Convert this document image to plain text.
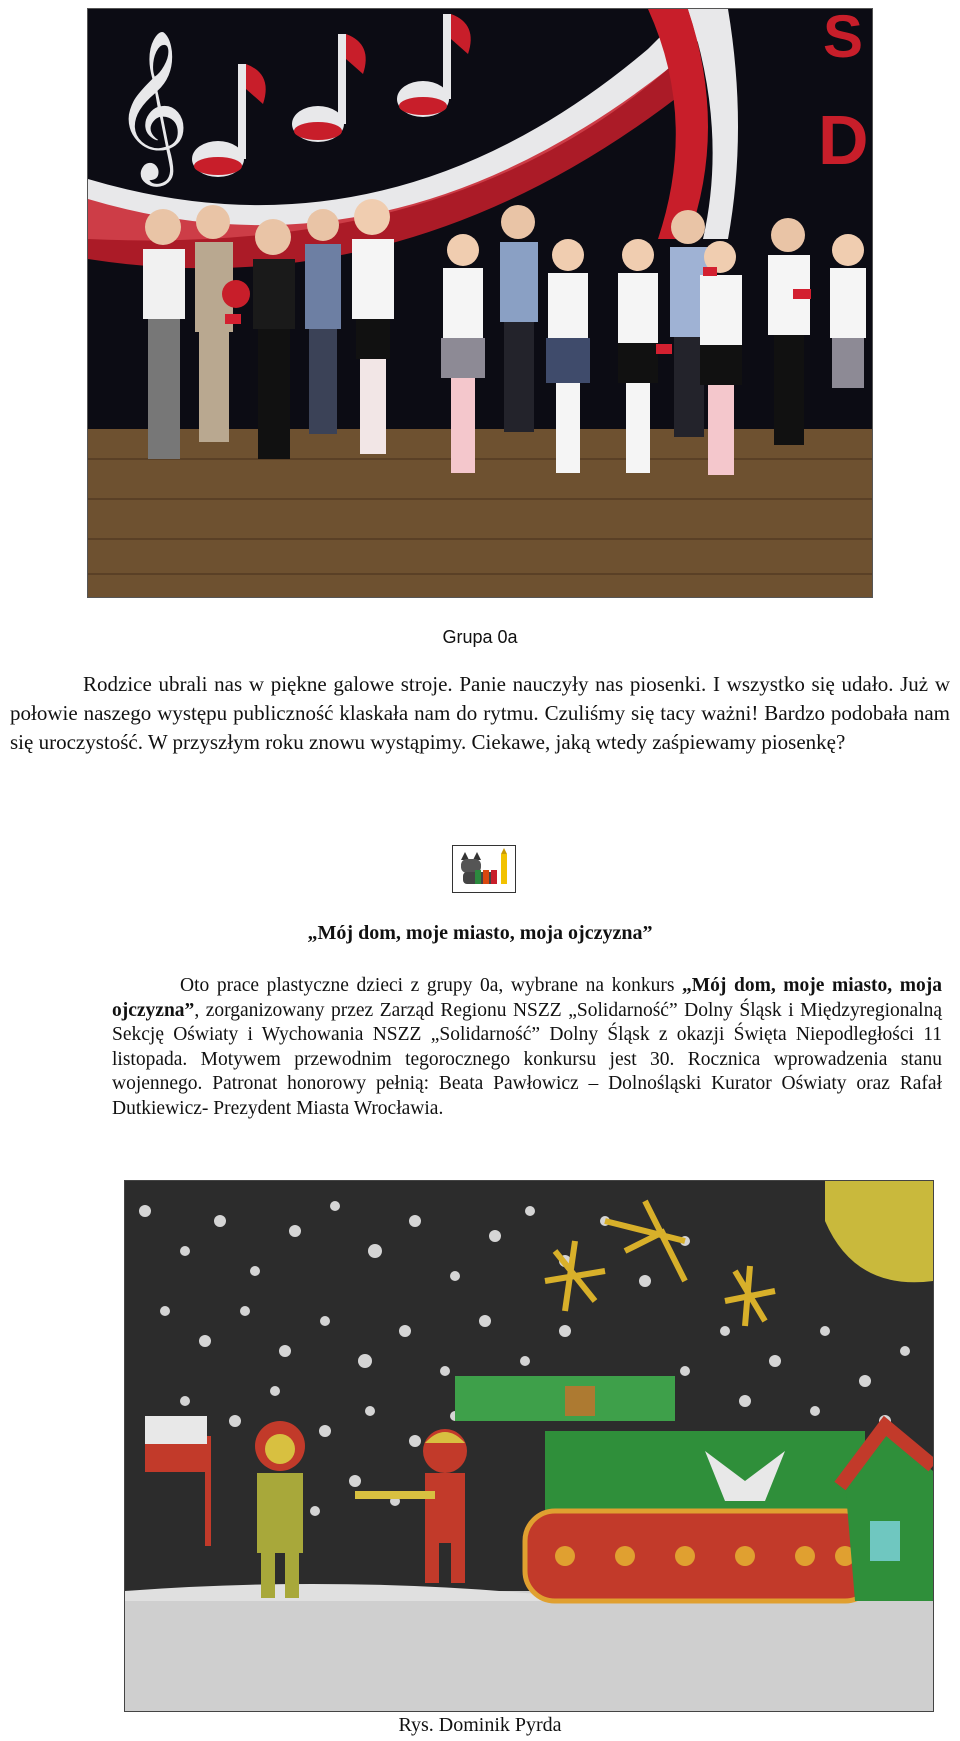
S
D
𝄞
Grupa 0a
Rodzice ubrali nas w piękne galowe stroje. Panie nauczyły nas piosenki. I wszystko się udało. Już w połowie naszego występu publiczność klaskała nam do rytmu. Czuliśmy się tacy ważni! Bardzo podobała nam się uroczystość. W przyszłym roku znowu wystąpimy. Ciekawe, jaką wtedy zaśpiewamy piosenkę?
„Mój dom, moje miasto, moja ojczyzna”
Oto prace plastyczne dzieci z grupy 0a, wybrane na konkurs „Mój dom, moje miasto, moja ojczyzna”, zorganizowany przez Zarząd Regionu NSZZ „Solidarność” Dolny Śląsk i Międzyregionalną Sekcję Oświaty i Wychowania NSZZ „Solidarność” Dolny Śląsk z okazji Święta Niepodległości 11 listopada. Motywem przewodnim tegorocznego konkursu jest 30. Rocznica wprowadzenia stanu wojennego. Patronat honorowy pełnią: Beata Pawłowicz – Dolnośląski Kurator Oświaty oraz Rafał Dutkiewicz- Prezydent Miasta Wrocławia.
Rys. Dominik Pyrda
